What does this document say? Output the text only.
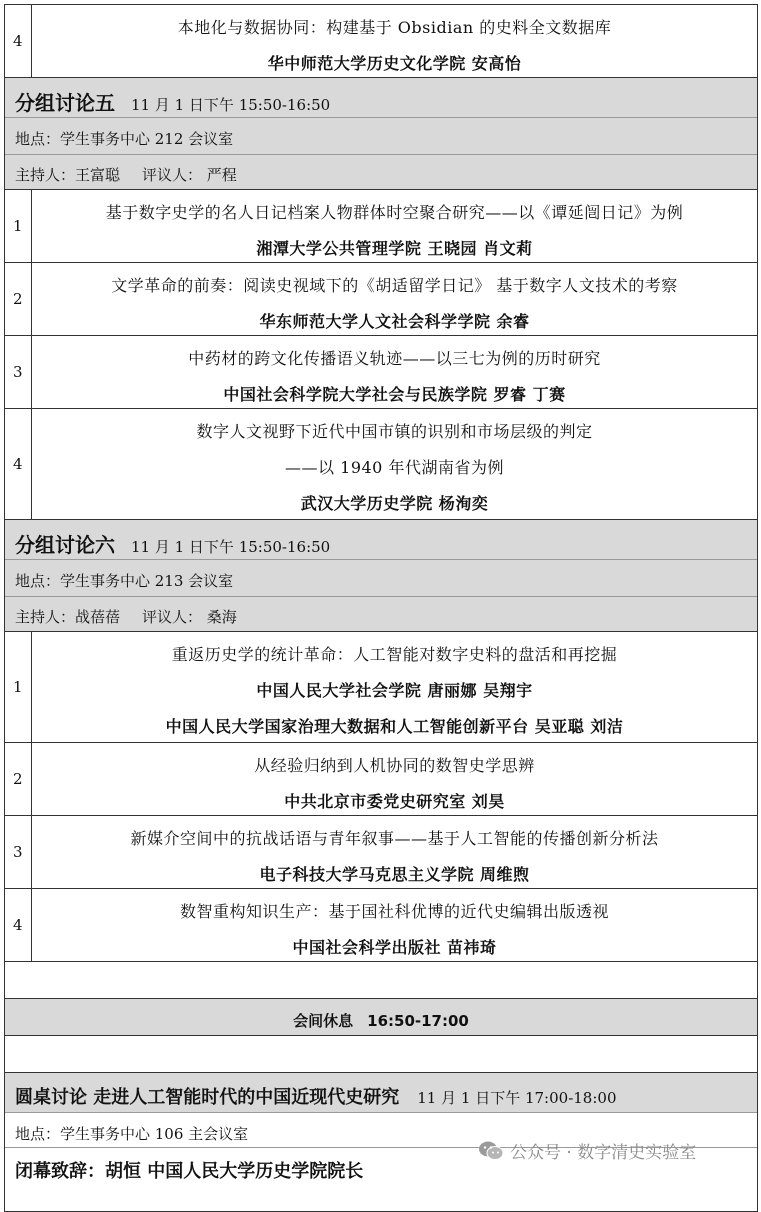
4
本地化与数据协同：构建基于 Obsidian 的史料全文数据库
华中师范大学历史文化学院 安高怡
分组讨论五 11 月 1 日下午 15:50-16:50
地点：学生事务中心 212 会议室
主持人：王富聪 评议人： 严程
1
基于数字史学的名人日记档案人物群体时空聚合研究——以《谭延闿日记》为例
湘潭大学公共管理学院 王晓园 肖文莉
2
文学革命的前奏：阅读史视域下的《胡适留学日记》 基于数字人文技术的考察
华东师范大学人文社会科学学院 余睿
3
中药材的跨文化传播语义轨迹——以三七为例的历时研究
中国社会科学院大学社会与民族学院 罗睿 丁赛
4
数字人文视野下近代中国市镇的识别和市场层级的判定
——以 1940 年代湖南省为例
武汉大学历史学院 杨洵奕
分组讨论六 11 月 1 日下午 15:50-16:50
地点：学生事务中心 213 会议室
主持人：战蓓蓓 评议人： 桑海
1
重返历史学的统计革命：人工智能对数字史料的盘活和再挖掘
中国人民大学社会学院 唐丽娜 吴翔宇
中国人民大学国家治理大数据和人工智能创新平台 吴亚聪 刘洁
2
从经验归纳到人机协同的数智史学思辨
中共北京市委党史研究室 刘昊
3
新媒介空间中的抗战话语与青年叙事——基于人工智能的传播创新分析法
电子科技大学马克思主义学院 周维煦
4
数智重构知识生产：基于国社科优博的近代史编辑出版透视
中国社会科学出版社 苗祎琦
会间休息 16:50-17:00
圆桌讨论 走进人工智能时代的中国近现代史研究 11 月 1 日下午 17:00-18:00
地点：学生事务中心 106 主会议室
闭幕致辞：胡恒 中国人民大学历史学院院长
公众号 · 数字清史实验室
